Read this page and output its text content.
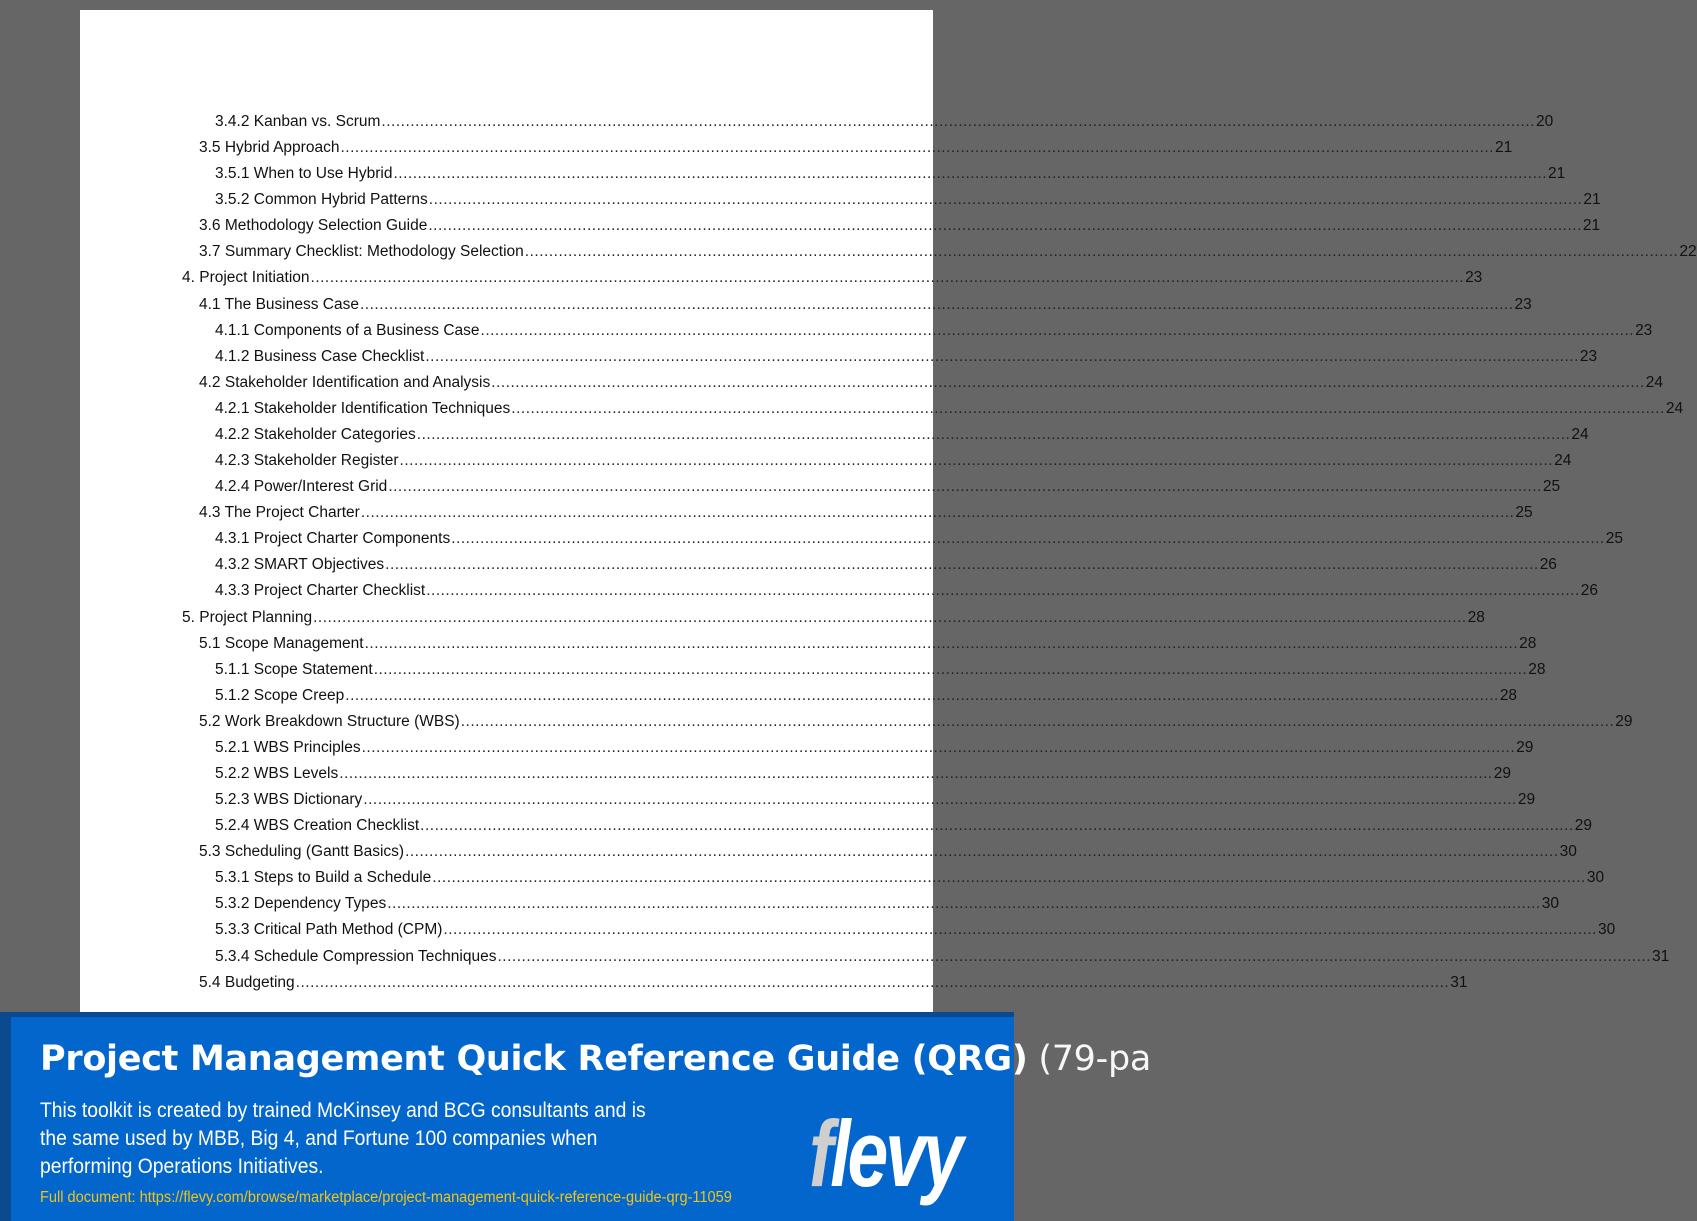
3.4.2 Kanban vs. Scrum .....	20
3.5 Hybrid Approach .....	21
3.5.1 When to Use Hybrid .....	21
3.5.2 Common Hybrid Patterns .....	21
3.6 Methodology Selection Guide .....	21
3.7 Summary Checklist: Methodology Selection .....	22
4. Project Initiation .....	23
4.1 The Business Case .....	23
4.1.1 Components of a Business Case .....	23
4.1.2 Business Case Checklist .....	23
4.2 Stakeholder Identification and Analysis .....	24
4.2.1 Stakeholder Identification Techniques .....	24
4.2.2 Stakeholder Categories .....	24
4.2.3 Stakeholder Register .....	24
4.2.4 Power/Interest Grid .....	25
4.3 The Project Charter .....	25
4.3.1 Project Charter Components .....	25
4.3.2 SMART Objectives .....	26
4.3.3 Project Charter Checklist .....	26
5. Project Planning .....	28
5.1 Scope Management .....	28
5.1.1 Scope Statement .....	28
5.1.2 Scope Creep .....	28
5.2 Work Breakdown Structure (WBS) .....	29
5.2.1 WBS Principles .....	29
5.2.2 WBS Levels .....	29
5.2.3 WBS Dictionary .....	29
5.2.4 WBS Creation Checklist .....	29
5.3 Scheduling (Gantt Basics) .....	30
5.3.1 Steps to Build a Schedule .....	30
5.3.2 Dependency Types .....	30
5.3.3 Critical Path Method (CPM) .....	30
5.3.4 Schedule Compression Techniques .....	31
5.4 Budgeting .....	31
Project Management Quick Reference Guide (QRG) (79-pa
This toolkit is created by trained McKinsey and BCG consultants and is the same used by MBB, Big 4, and Fortune 100 companies when performing Operations Initiatives.
Full document: https://flevy.com/browse/marketplace/project-management-quick-reference-guide-qrg-11059 flevy
